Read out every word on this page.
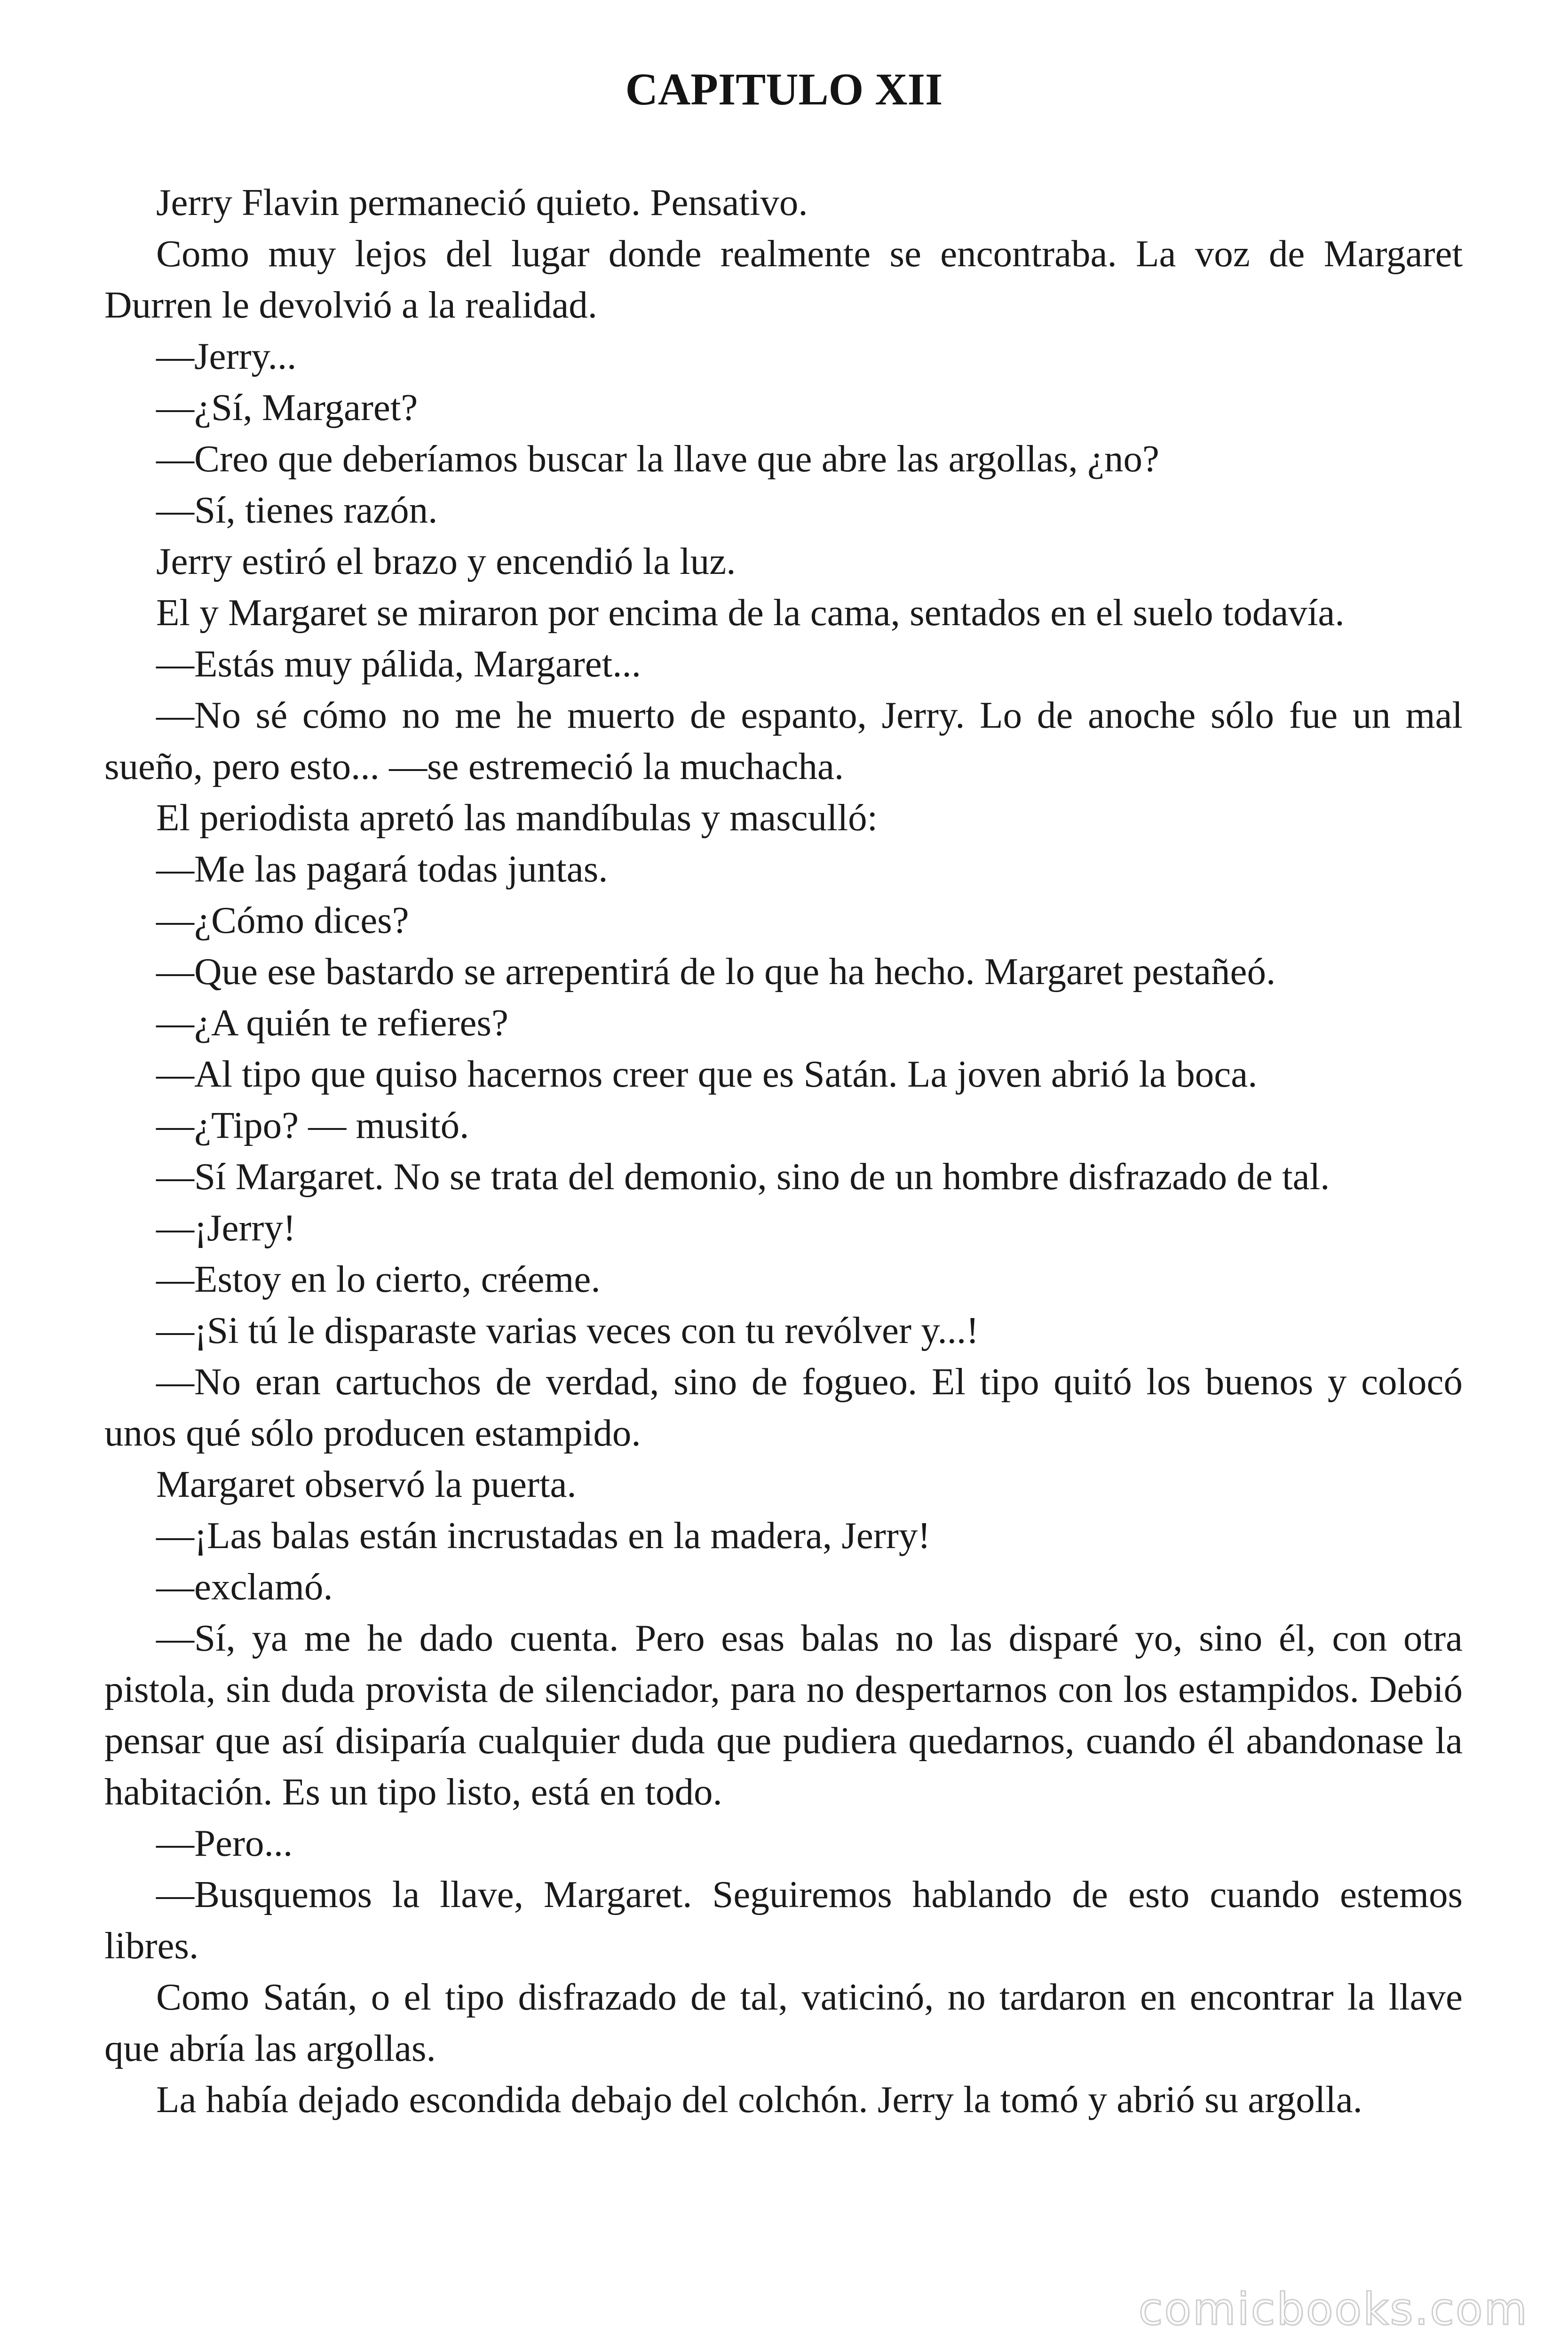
CAPITULO XII

Jerry Flavin permaneció quieto. Pensativo.

Como muy lejos del lugar donde realmente se encontraba. La voz de Margaret Durren le devolvió a la realidad.

—Jerry...

—¿Sí, Margaret?

—Creo que deberíamos buscar la llave que abre las argollas, ¿no?

—Sí, tienes razón.

Jerry estiró el brazo y encendió la luz.

El y Margaret se miraron por encima de la cama, sentados en el suelo todavía.

—Estás muy pálida, Margaret...

—No sé cómo no me he muerto de espanto, Jerry. Lo de anoche sólo fue un mal sueño, pero esto... —se estremeció la muchacha.

El periodista apretó las mandíbulas y masculló:

—Me las pagará todas juntas.

—¿Cómo dices?

—Que ese bastardo se arrepentirá de lo que ha hecho. Margaret pestañeó.

—¿A quién te refieres?

—Al tipo que quiso hacernos creer que es Satán. La joven abrió la boca.

—¿Tipo? — musitó.

—Sí Margaret. No se trata del demonio, sino de un hombre disfrazado de tal.

—¡Jerry!

—Estoy en lo cierto, créeme.

—¡Si tú le disparaste varias veces con tu revólver y...!

—No eran cartuchos de verdad, sino de fogueo. El tipo quitó los buenos y colocó unos qué sólo producen estampido.

Margaret observó la puerta.

—¡Las balas están incrustadas en la madera, Jerry!

—exclamó.

—Sí, ya me he dado cuenta. Pero esas balas no las disparé yo, sino él, con otra pistola, sin duda provista de silenciador, para no despertarnos con los estampidos. Debió pensar que así disiparía cualquier duda que pudiera quedarnos, cuando él abandonase la habitación. Es un tipo listo, está en todo.

—Pero...

—Busquemos la llave, Margaret. Seguiremos hablando de esto cuando estemos libres.

Como Satán, o el tipo disfrazado de tal, vaticinó, no tardaron en encontrar la llave que abría las argollas.

La había dejado escondida debajo del colchón. Jerry la tomó y abrió su argolla.

comicbooks.com
